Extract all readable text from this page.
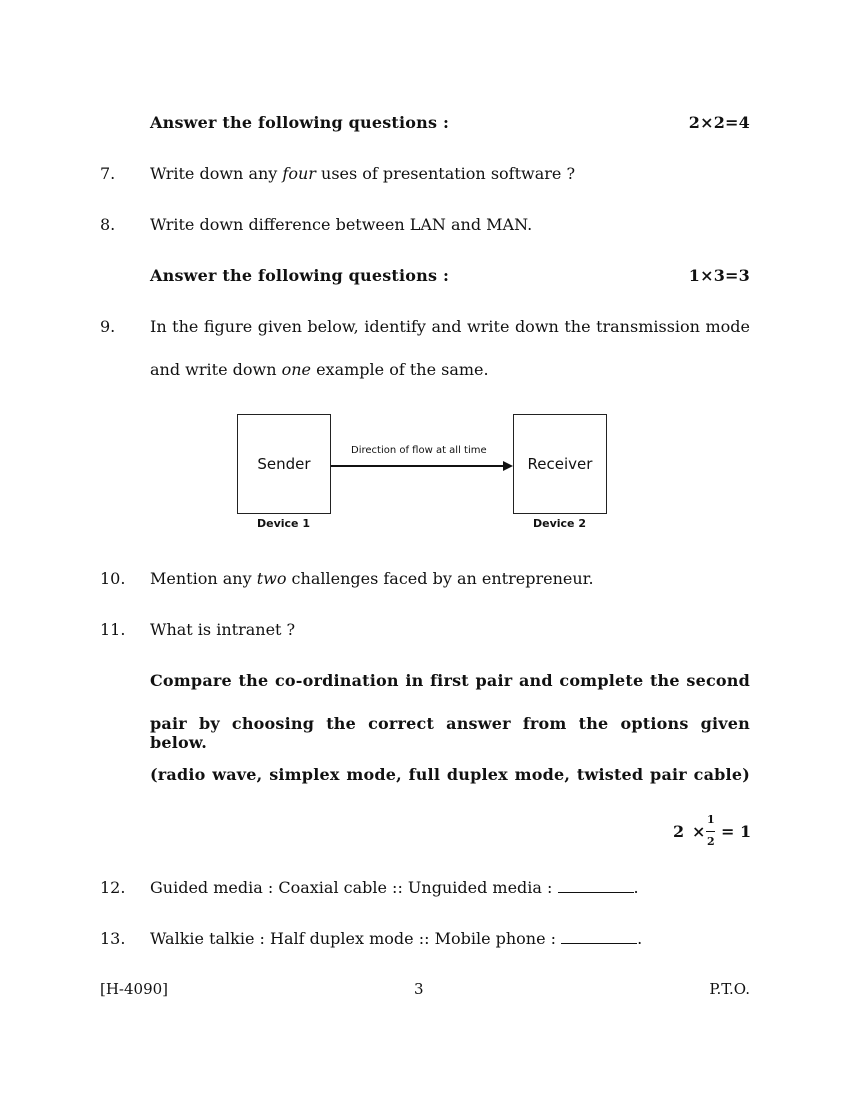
Answer the following questions :	2×2=4
7. Write down any four uses of presentation software ?
8. Write down difference between LAN and MAN.
Answer the following questions :	1×3=3
9. In the figure given below, identify and write down the transmission mode
and write down one example of the same.
Sender	Receiver
Direction of flow at all time
Device 1	Device 2
10. Mention any two challenges faced by an entrepreneur.
11. What is intranet ?
Compare the co-ordination in first pair and complete the second
pair by choosing the correct answer from the options given below.
(radio wave, simplex mode, full duplex mode, twisted pair cable)
2 ×
1
2
= 1
12. Guided media : Coaxial cable :: Unguided media :	.
13. Walkie talkie : Half duplex mode :: Mobile phone :	.
[H-4090]	3	P.T.O.
